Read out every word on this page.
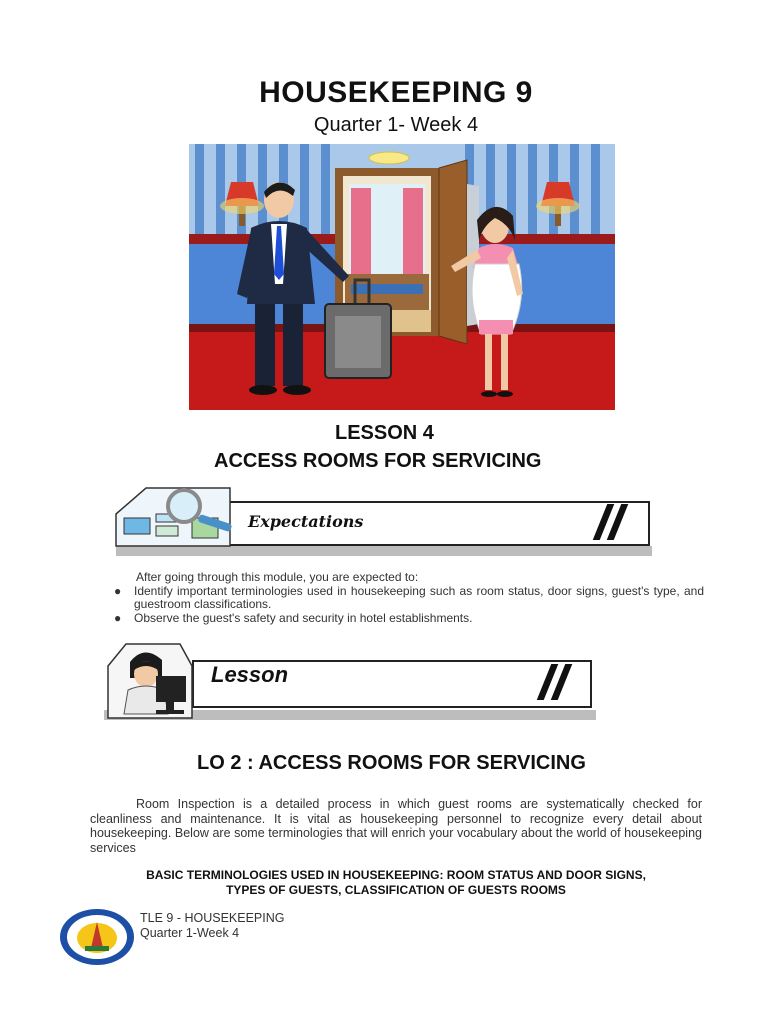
HOUSEKEEPING 9
Quarter 1- Week 4
LESSON 4
ACCESS ROOMS FOR SERVICING
Expectations
After going through this module, you are expected to:
● Identify important terminologies used in housekeeping such as room status, door signs, guest's type, and guestroom classifications.
● Observe the guest's safety and security in hotel establishments.
Lesson
LO 2 : ACCESS ROOMS FOR SERVICING
Room Inspection is a detailed process in which guest rooms are systematically checked for cleanliness and maintenance. It is vital as housekeeping personnel to recognize every detail about housekeeping. Below are some terminologies that will enrich your vocabulary about the world of housekeeping services
BASIC TERMINOLOGIES USED IN HOUSEKEEPING: ROOM STATUS AND DOOR SIGNS,
TYPES OF GUESTS, CLASSIFICATION OF GUESTS ROOMS
TLE 9 - HOUSEKEEPING
Quarter 1-Week 4
